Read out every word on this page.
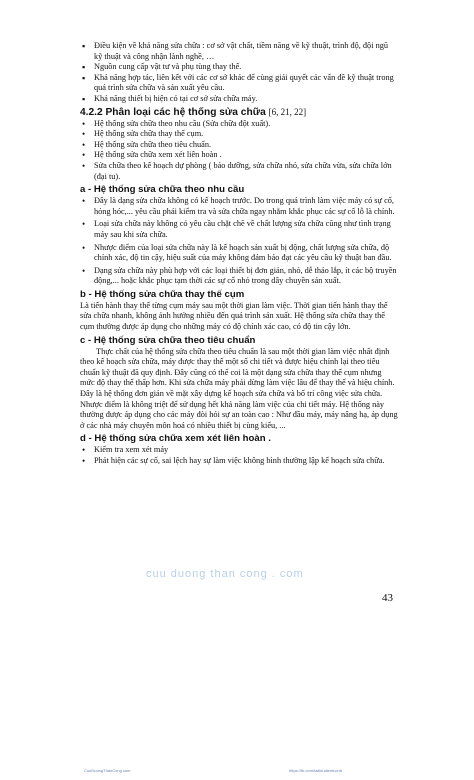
▪ Điều kiện về khả năng sửa chữa : cơ sở vật chất, tiềm năng về kỹ thuật, trình độ, đội ngũ kỹ thuật và công nhận lành nghề, …
▪ Nguồn cung cấp vật tư và phụ tùng thay thế.
▪ Khả năng hợp tác, liên kết với các cơ sở khác để cùng giải quyết các vấn đề kỹ thuật trong quá trình sửa chữa và sản xuất yêu cầu.
▪ Khả năng thiết bị hiện có tại cơ sở sửa chữa máy.
4.2.2 Phân loại các hệ thống sửa chữa [6, 21, 22]
• Hệ thống sửa chữa theo nhu cầu (Sửa chữa đột xuất).
• Hệ thống sửa chữa thay thế cụm.
• Hệ thống sửa chữa theo tiêu chuẩn.
• Hệ thống sửa chữa xem xét liên hoàn .
• Sửa chữa theo kế hoạch dự phòng ( bảo dưỡng, sửa chữa nhỏ, sửa chữa vừa, sửa chữa lớn (đại tu).
a - Hệ thống sửa chữa theo nhu cầu
• Đây là dạng sửa chữa không có kế hoạch trước. Do trong quá trình làm việc máy có sự cố, hỏng hóc,... yêu cầu phải kiểm tra và sửa chữa ngay nhằm khắc phục các sự cố lỗ là chính.
• Loại sửa chữa này không có yêu cầu chặt chẽ về chất lượng sửa chữa cũng như tình trạng máy sau khi sửa chữa.
• Nhược điểm của loại sửa chữa này là kế hoạch sản xuất bị động, chất lượng sửa chữa, độ chính xác, độ tin cậy, hiệu suất của máy không đảm bảo đạt các yêu cầu kỹ thuật ban đầu.
• Dạng sửa chữa này phù hợp với các loại thiết bị đơn giản, nhỏ, dễ tháo lắp, ít các bộ truyền động,... hoặc khắc phục tạm thời các sự cố nhỏ trong dây chuyền sản xuất.
b - Hệ thống sửa chữa thay thế cụm

Là tiến hành thay thế từng cụm máy sau một thời gian làm việc. Thời gian tiến hành thay thế sửa chữa nhanh, không ảnh hưởng nhiều đến quá trình sản xuất. Hệ thống sửa chữa thay thế cụm thường được áp dụng cho những máy có độ chính xác cao, có độ tin cậy lớn.

c - Hệ thống sửa chữa theo tiêu chuẩn

Thực chất của hệ thống sửa chữa theo tiêu chuẩn là sau một thời gian làm việc nhất định theo kế hoạch sửa chữa, máy được thay thế một số chi tiết và được hiệu chỉnh lại theo tiêu chuẩn kỹ thuật đã quy định. Đây cũng có thể coi là một dạng sửa chữa thay thế cụm nhưng mức độ thay thế thấp hơn. Khi sửa chữa máy phải dừng làm việc lâu để thay thế và hiệu chỉnh. Đây là hệ thống đơn giản về mặt xây dựng kế hoạch sửa chữa và bố trí công việc sửa chữa.

Nhược điểm là không triệt để sử dụng hết khả năng làm việc của chi tiết máy. Hệ thống này thường được áp dụng cho các máy đòi hỏi sự an toàn cao : Như đầu máy, máy nâng hạ, áp dụng ở các nhà máy chuyên môn hoá có nhiều thiết bị cùng kiểu, ...

d - Hệ thống sửa chữa xem xét liên hoàn .
• Kiểm tra xem xét máy
• Phát hiện các sự cố, sai lệch hay sự làm việc không bình thường lập kế hoạch sửa chữa.
cuu duong than cong . com
43
CuuDuongThanCong.com	https://fb.com/tailieudientucntt
